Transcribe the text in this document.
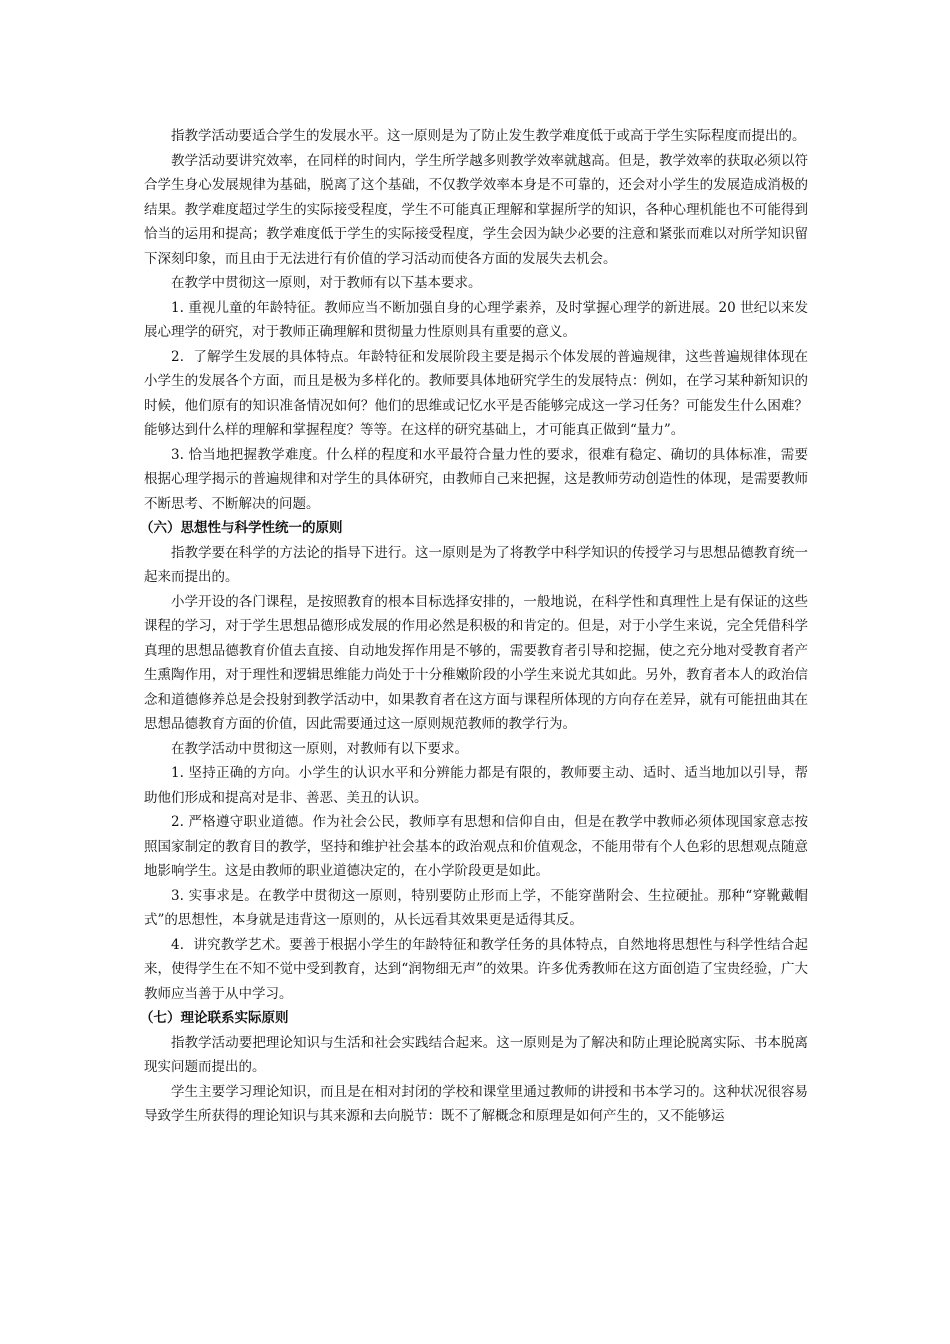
指教学活动要适合学生的发展水平。这一原则是为了防止发生教学难度低于或高于学生实际程度而提出的。

教学活动要讲究效率，在同样的时间内，学生所学越多则教学效率就越高。但是，教学效率的获取必须以符合学生身心发展规律为基础，脱离了这个基础，不仅教学效率本身是不可靠的，还会对小学生的发展造成消极的结果。教学难度超过学生的实际接受程度，学生不可能真正理解和掌握所学的知识，各种心理机能也不可能得到恰当的运用和提高；教学难度低于学生的实际接受程度，学生会因为缺少必要的注意和紧张而难以对所学知识留下深刻印象，而且由于无法进行有价值的学习活动而使各方面的发展失去机会。

在教学中贯彻这一原则，对于教师有以下基本要求。

1. 重视儿童的年龄特征。教师应当不断加强自身的心理学素养，及时掌握心理学的新进展。20 世纪以来发展心理学的研究，对于教师正确理解和贯彻量力性原则具有重要的意义。

2．了解学生发展的具体特点。年龄特征和发展阶段主要是揭示个体发展的普遍规律，这些普遍规律体现在小学生的发展各个方面，而且是极为多样化的。教师要具体地研究学生的发展特点：例如，在学习某种新知识的时候，他们原有的知识准备情况如何？他们的思维或记忆水平是否能够完成这一学习任务？可能发生什么困难？能够达到什么样的理解和掌握程度？等等。在这样的研究基础上，才可能真正做到“量力”。

3. 恰当地把握教学难度。什么样的程度和水平最符合量力性的要求，很难有稳定、确切的具体标准，需要根据心理学揭示的普遍规律和对学生的具体研究，由教师自己来把握，这是教师劳动创造性的体现，是需要教师不断思考、不断解决的问题。

（六）思想性与科学性统一的原则

指教学要在科学的方法论的指导下进行。这一原则是为了将教学中科学知识的传授学习与思想品德教育统一起来而提出的。

小学开设的各门课程，是按照教育的根本目标选择安排的，一般地说，在科学性和真理性上是有保证的这些课程的学习，对于学生思想品德形成发展的作用必然是积极的和肯定的。但是，对于小学生来说，完全凭借科学真理的思想品德教育价值去直接、自动地发挥作用是不够的，需要教育者引导和挖掘，使之充分地对受教育者产生熏陶作用，对于理性和逻辑思维能力尚处于十分稚嫩阶段的小学生来说尤其如此。另外，教育者本人的政治信念和道德修养总是会投射到教学活动中，如果教育者在这方面与课程所体现的方向存在差异，就有可能扭曲其在思想品德教育方面的价值，因此需要通过这一原则规范教师的教学行为。

在教学活动中贯彻这一原则，对教师有以下要求。

1. 坚持正确的方向。小学生的认识水平和分辨能力都是有限的，教师要主动、适时、适当地加以引导，帮助他们形成和提高对是非、善恶、美丑的认识。

2. 严格遵守职业道德。作为社会公民，教师享有思想和信仰自由，但是在教学中教师必须体现国家意志按照国家制定的教育目的教学，坚持和维护社会基本的政治观点和价值观念，不能用带有个人色彩的思想观点随意地影响学生。这是由教师的职业道德决定的，在小学阶段更是如此。

3. 实事求是。在教学中贯彻这一原则，特别要防止形而上学，不能穿凿附会、生拉硬扯。那种“穿靴戴帽式”的思想性，本身就是违背这一原则的，从长远看其效果更是适得其反。

4．讲究教学艺术。要善于根据小学生的年龄特征和教学任务的具体特点，自然地将思想性与科学性结合起来，使得学生在不知不觉中受到教育，达到“润物细无声”的效果。许多优秀教师在这方面创造了宝贵经验，广大教师应当善于从中学习。

（七）理论联系实际原则

指教学活动要把理论知识与生活和社会实践结合起来。这一原则是为了解决和防止理论脱离实际、书本脱离现实问题而提出的。

学生主要学习理论知识，而且是在相对封闭的学校和课堂里通过教师的讲授和书本学习的。这种状况很容易导致学生所获得的理论知识与其来源和去向脱节：既不了解概念和原理是如何产生的，又不能够运
